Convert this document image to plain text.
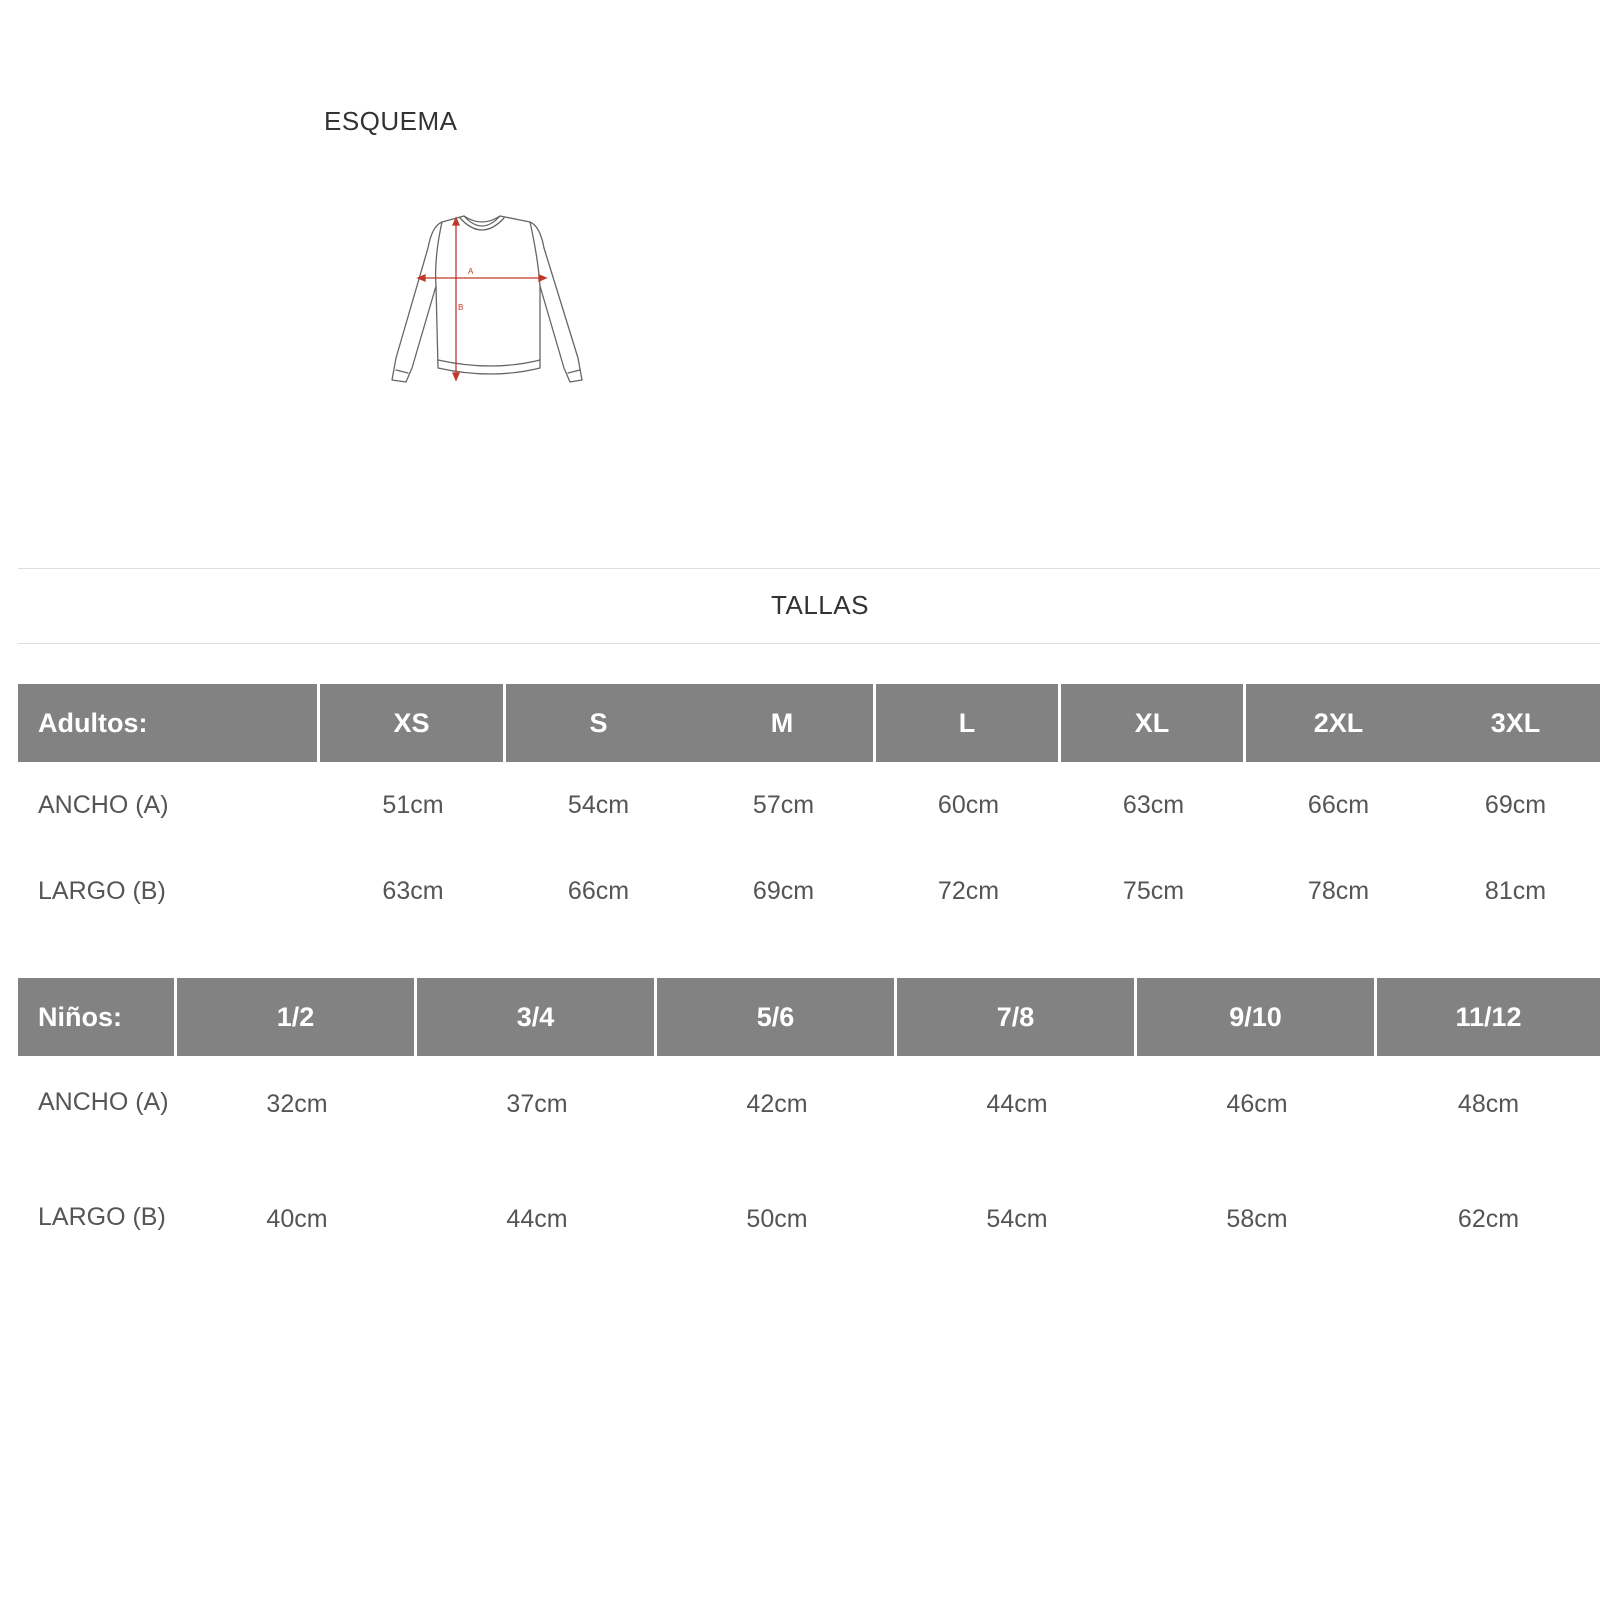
ESQUEMA
A
B
TALLAS
Adultos:	XS	S	M	L	XL	2XL	3XL
ANCHO (A)	51cm	54cm	57cm	60cm	63cm	66cm	69cm
LARGO (B)	63cm	66cm	69cm	72cm	75cm	78cm	81cm
Niños:	1/2	3/4	5/6	7/8	9/10	11/12
ANCHO (A)	32cm	37cm	42cm	44cm	46cm	48cm
LARGO (B)	40cm	44cm	50cm	54cm	58cm	62cm
